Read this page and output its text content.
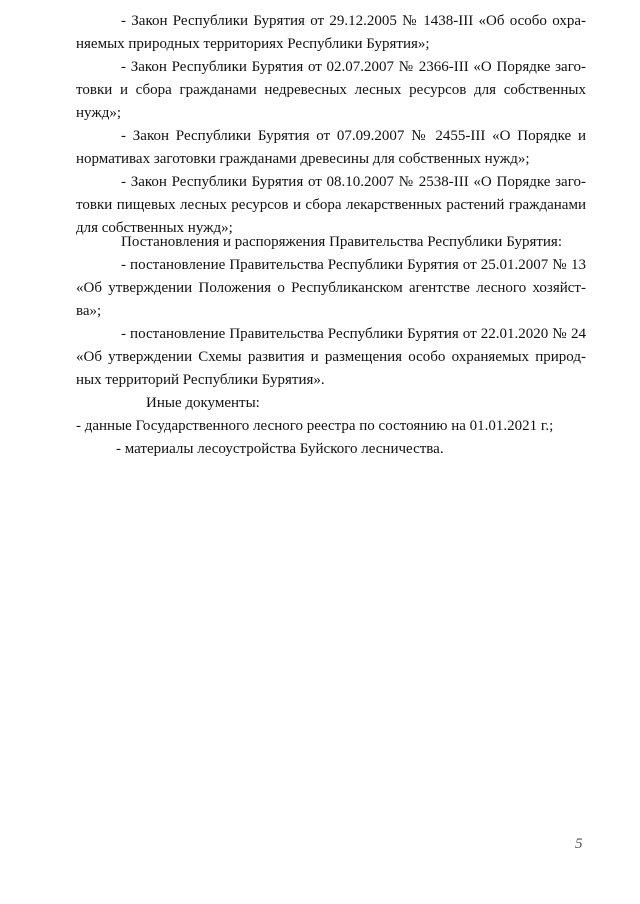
- Закон Республики Бурятия от 29.12.2005 № 1438-III «Об особо охраняемых природных территориях Республики Бурятия»;

- Закон Республики Бурятия от 02.07.2007 № 2366-III «О Порядке заготовки и сбора гражданами недревесных лесных ресурсов для собственных нужд»;

- Закон Республики Бурятия от 07.09.2007 № 2455-III «О Порядке и нормативах заготовки гражданами древесины для собственных нужд»;

- Закон Республики Бурятия от 08.10.2007 № 2538-III «О Порядке заготовки пищевых лесных ресурсов и сбора лекарственных растений гражданами для собственных нужд»;

Постановления и распоряжения Правительства Республики Бурятия:

- постановление Правительства Республики Бурятия от 25.01.2007 № 13 «Об утверждении Положения о Республиканском агентстве лесного хозяйства»;

- постановление Правительства Республики Бурятия от 22.01.2020 № 24 «Об утверждении Схемы развития и размещения особо охраняемых природных территорий Республики Бурятия».

Иные документы:

- данные Государственного лесного реестра по состоянию на 01.01.2021 г.;

- материалы лесоустройства Буйского лесничества.

5
